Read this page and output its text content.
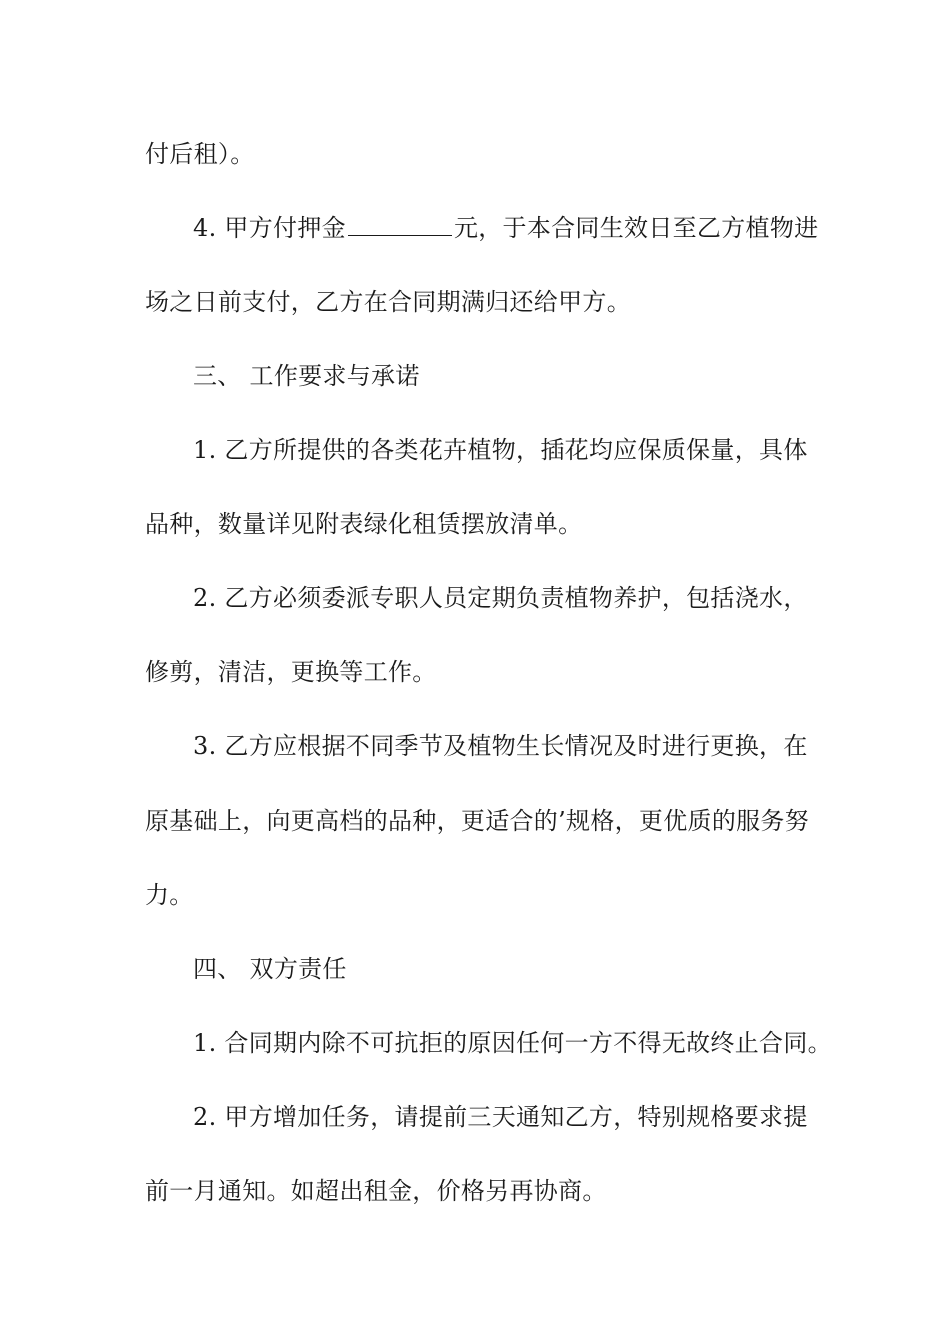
付后租）。
4. 甲方付押金	元，于本合同生效日至乙方植物进
场之日前支付，乙方在合同期满归还给甲方。
三、 工作要求与承诺
1. 乙方所提供的各类花卉植物，插花均应保质保量，具体
品种，数量详见附表绿化租赁摆放清单。
2. 乙方必须委派专职人员定期负责植物养护，包括浇水，
修剪，清洁，更换等工作。
3. 乙方应根据不同季节及植物生长情况及时进行更换，在
原基础上，向更高档的品种，更适合的’规格，更优质的服务努
力。
四、 双方责任
1. 合同期内除不可抗拒的原因任何一方不得无故终止合同。
2. 甲方增加任务，请提前三天通知乙方，特别规格要求提
前一月通知。如超出租金，价格另再协商。
